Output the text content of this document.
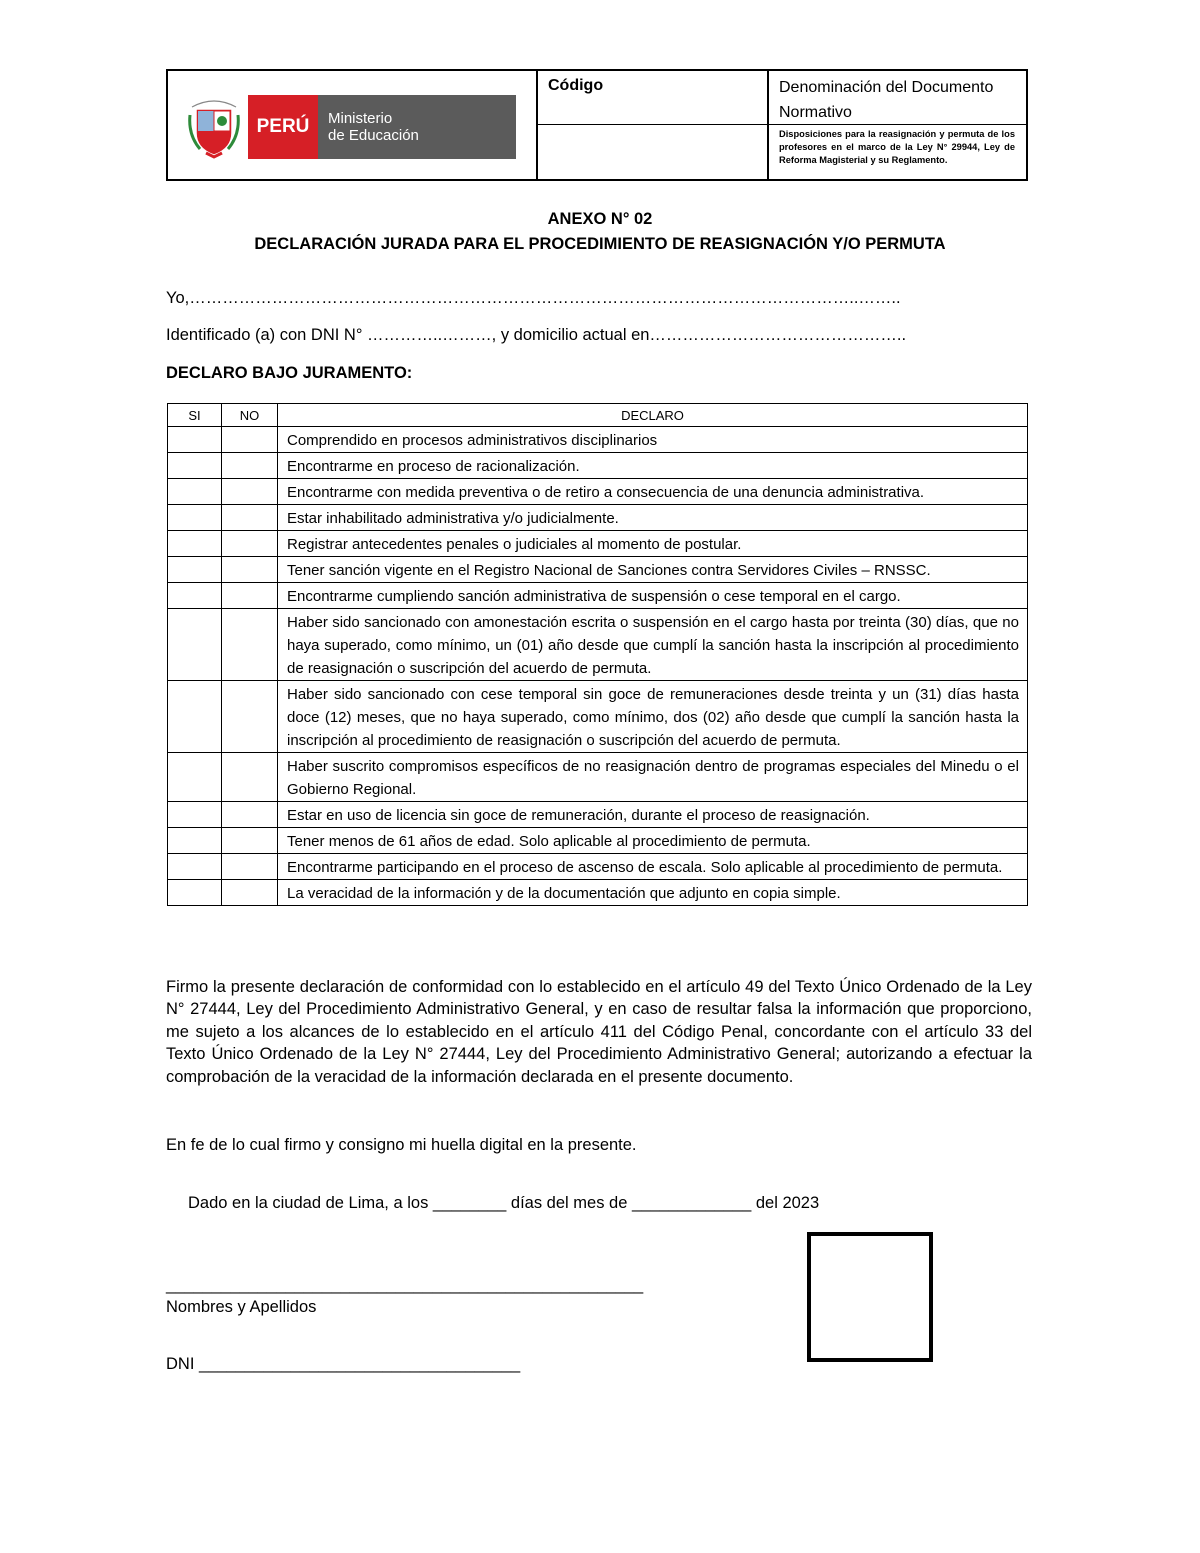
PERÚ	Ministerio
de Educación
Código	Denominación del Documento Normativo
Disposiciones para la reasignación y permuta de los profesores en el marco de la Ley N° 29944, Ley de Reforma Magisterial y su Reglamento.
ANEXO N° 02
DECLARACIÓN JURADA PARA EL PROCEDIMIENTO DE REASIGNACIÓN Y/O PERMUTA
Yo,…………………………………………………………………………………………………………..……..
Identificado (a) con DNI N° …………..………, y domicilio actual en………………………………………..
DECLARO BAJO JURAMENTO:
SI	NO	DECLARO
		Comprendido en procesos administrativos disciplinarios
		Encontrarme en proceso de racionalización.
		Encontrarme con medida preventiva o de retiro a consecuencia de una denuncia administrativa.
		Estar inhabilitado administrativa y/o judicialmente.
		Registrar antecedentes penales o judiciales al momento de postular.
		Tener sanción vigente en el Registro Nacional de Sanciones contra Servidores Civiles – RNSSC.
		Encontrarme cumpliendo sanción administrativa de suspensión o cese temporal en el cargo.
		Haber sido sancionado con amonestación escrita o suspensión en el cargo hasta por treinta (30) días, que no haya superado, como mínimo, un (01) año desde que cumplí la sanción hasta la inscripción al procedimiento de reasignación o suscripción del acuerdo de permuta.
		Haber sido sancionado con cese temporal sin goce de remuneraciones desde treinta y un (31) días hasta doce (12) meses, que no haya superado, como mínimo, dos (02) año desde que cumplí la sanción hasta la inscripción al procedimiento de reasignación o suscripción del acuerdo de permuta.
		Haber suscrito compromisos específicos de no reasignación dentro de programas especiales del Minedu o el Gobierno Regional.
		Estar en uso de licencia sin goce de remuneración, durante el proceso de reasignación.
		Tener menos de 61 años de edad. Solo aplicable al procedimiento de permuta.
		Encontrarme participando en el proceso de ascenso de escala. Solo aplicable al procedimiento de permuta.
		La veracidad de la información y de la documentación que adjunto en copia simple.
Firmo la presente declaración de conformidad con lo establecido en el artículo 49 del Texto Único Ordenado de la Ley N° 27444, Ley del Procedimiento Administrativo General, y en caso de resultar falsa la información que proporciono, me sujeto a los alcances de lo establecido en el artículo 411 del Código Penal, concordante con el artículo 33 del Texto Único Ordenado de la Ley N° 27444, Ley del Procedimiento Administrativo General; autorizando a efectuar la comprobación de la veracidad de la información declarada en el presente documento.
En fe de lo cual firmo y consigno mi huella digital en la presente.
Dado en la ciudad de Lima, a los ________ días del mes de _____________ del 2023
____________________________________________________
Nombres y Apellidos
DNI ___________________________________
